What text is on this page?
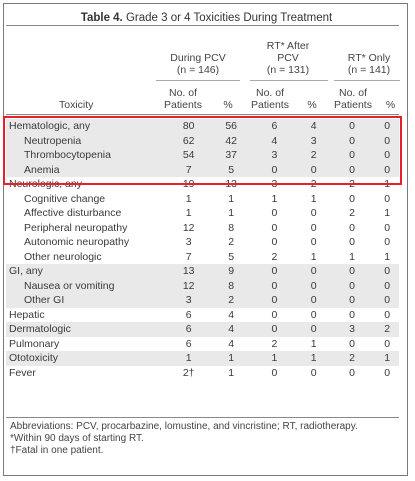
Table 4. Grade 3 or 4 Toxicities During Treatment
During PCV
(n = 146)
RT* After
PCV
(n = 131)
RT* Only
(n = 141)
Toxicity
No. of
Patients	%
No. of
Patients	%
No. of
Patients	%
Hematologic, any	80	56	6	4	0	0
Neutropenia	62	42	4	3	0	0
Thrombocytopenia	54	37	3	2	0	0
Anemia	7	5	0	0	0	0
Neurologic, any	19	13	3	2	2	1
Cognitive change	1	1	1	1	0	0
Affective disturbance	1	1	0	0	2	1
Peripheral neuropathy	12	8	0	0	0	0
Autonomic neuropathy	3	2	0	0	0	0
Other neurologic	7	5	2	1	1	1
GI, any	13	9	0	0	0	0
Nausea or vomiting	12	8	0	0	0	0
Other GI	3	2	0	0	0	0
Hepatic	6	4	0	0	0	0
Dermatologic	6	4	0	0	3	2
Pulmonary	6	4	2	1	0	0
Ototoxicity	1	1	1	1	2	1
Fever	2†	1	0	0	0	0
Abbreviations: PCV, procarbazine, lomustine, and vincristine; RT, radiotherapy.
*Within 90 days of starting RT.
†Fatal in one patient.
